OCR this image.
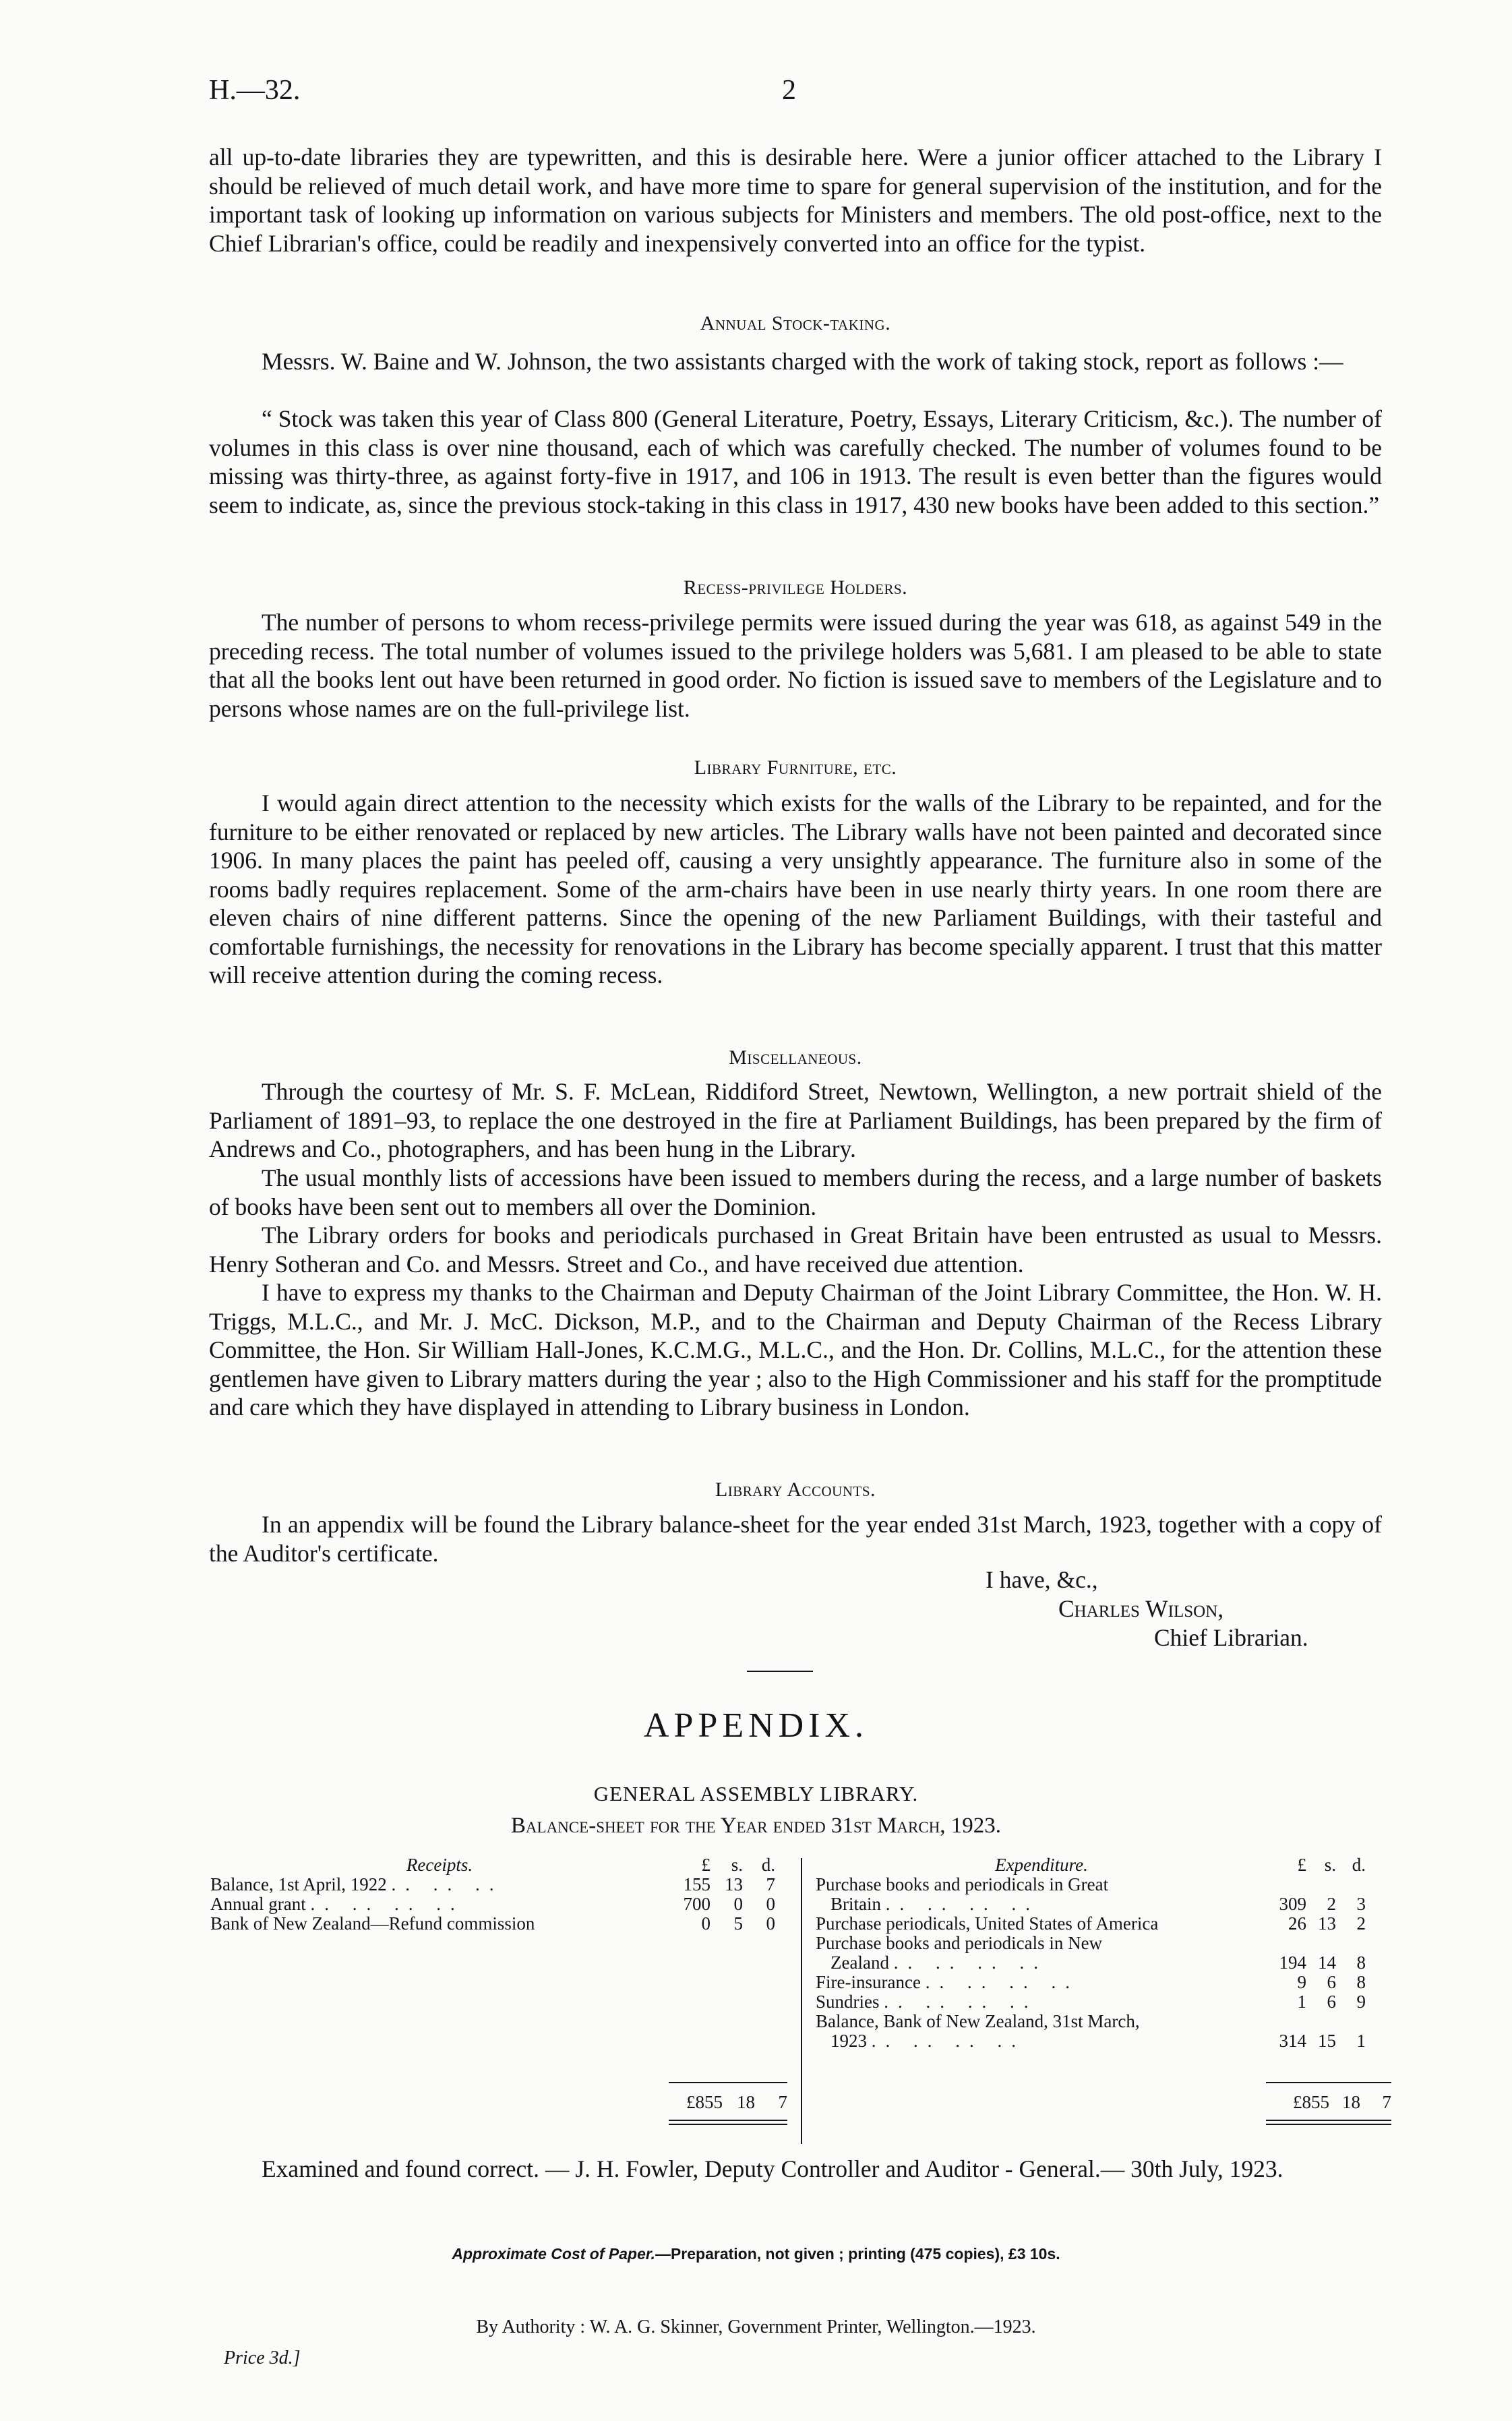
H.—32.	2

all up-to-date libraries they are typewritten, and this is desirable here. Were a junior officer attached to the Library I should be relieved of much detail work, and have more time to spare for general supervision of the institution, and for the important task of looking up information on various subjects for Ministers and members. The old post-office, next to the Chief Librarian's office, could be readily and inexpensively converted into an office for the typist.

Annual Stock-taking.

Messrs. W. Baine and W. Johnson, the two assistants charged with the work of taking stock, report as follows :—

“ Stock was taken this year of Class 800 (General Literature, Poetry, Essays, Literary Criticism, &c.). The number of volumes in this class is over nine thousand, each of which was carefully checked. The number of volumes found to be missing was thirty-three, as against forty-five in 1917, and 106 in 1913. The result is even better than the figures would seem to indicate, as, since the previous stock-taking in this class in 1917, 430 new books have been added to this section.”

Recess-privilege Holders.

The number of persons to whom recess-privilege permits were issued during the year was 618, as against 549 in the preceding recess. The total number of volumes issued to the privilege holders was 5,681. I am pleased to be able to state that all the books lent out have been returned in good order. No fiction is issued save to members of the Legislature and to persons whose names are on the full-privilege list.

Library Furniture, etc.

I would again direct attention to the necessity which exists for the walls of the Library to be repainted, and for the furniture to be either renovated or replaced by new articles. The Library walls have not been painted and decorated since 1906. In many places the paint has peeled off, causing a very unsightly appearance. The furniture also in some of the rooms badly requires replacement. Some of the arm-chairs have been in use nearly thirty years. In one room there are eleven chairs of nine different patterns. Since the opening of the new Parliament Buildings, with their tasteful and comfortable furnishings, the necessity for renovations in the Library has become specially apparent. I trust that this matter will receive attention during the coming recess.

Miscellaneous.

Through the courtesy of Mr. S. F. McLean, Riddiford Street, Newtown, Wellington, a new portrait shield of the Parliament of 1891–93, to replace the one destroyed in the fire at Parliament Buildings, has been prepared by the firm of Andrews and Co., photographers, and has been hung in the Library.

The usual monthly lists of accessions have been issued to members during the recess, and a large number of baskets of books have been sent out to members all over the Dominion.

The Library orders for books and periodicals purchased in Great Britain have been entrusted as usual to Messrs. Henry Sotheran and Co. and Messrs. Street and Co., and have received due attention.

I have to express my thanks to the Chairman and Deputy Chairman of the Joint Library Committee, the Hon. W. H. Triggs, M.L.C., and Mr. J. McC. Dickson, M.P., and to the Chairman and Deputy Chairman of the Recess Library Committee, the Hon. Sir William Hall-Jones, K.C.M.G., M.L.C., and the Hon. Dr. Collins, M.L.C., for the attention these gentlemen have given to Library matters during the year ; also to the High Commissioner and his staff for the promptitude and care which they have displayed in attending to Library business in London.

Library Accounts.

In an appendix will be found the Library balance-sheet for the year ended 31st March, 1923, together with a copy of the Auditor's certificate.

I have, &c.,
Charles Wilson,
Chief Librarian.
APPENDIX.
GENERAL ASSEMBLY LIBRARY.
Balance-sheet for the Year ended 31st March, 1923.
Receipts.	£	s.	d.
Balance, 1st April, 1922 .. .. ..	155	13	7
Annual grant .. .. .. ..	700	0	0
Bank of New Zealand—Refund commission	0	5	0
£855	18	7
Expenditure.	£	s.	d.

Purchase books and periodicals in Great
Britain .. .. .. ..	309	2	3
Purchase periodicals, United States of America	26	13	2

Purchase books and periodicals in New
Zealand .. .. .. ..	194	14	8
Fire-insurance .. .. .. ..	9	6	8
Sundries .. .. .. ..	1	6	9

Balance, Bank of New Zealand, 31st March,
1923 .. .. .. ..	314	15	1
£855	18	7

Examined and found correct. — J. H. Fowler, Deputy Controller and Auditor - General.— 30th July, 1923.

Approximate Cost of Paper.—Preparation, not given ; printing (475 copies), £3 10s.
By Authority : W. A. G. Skinner, Government Printer, Wellington.—1923.
Price 3d.]
